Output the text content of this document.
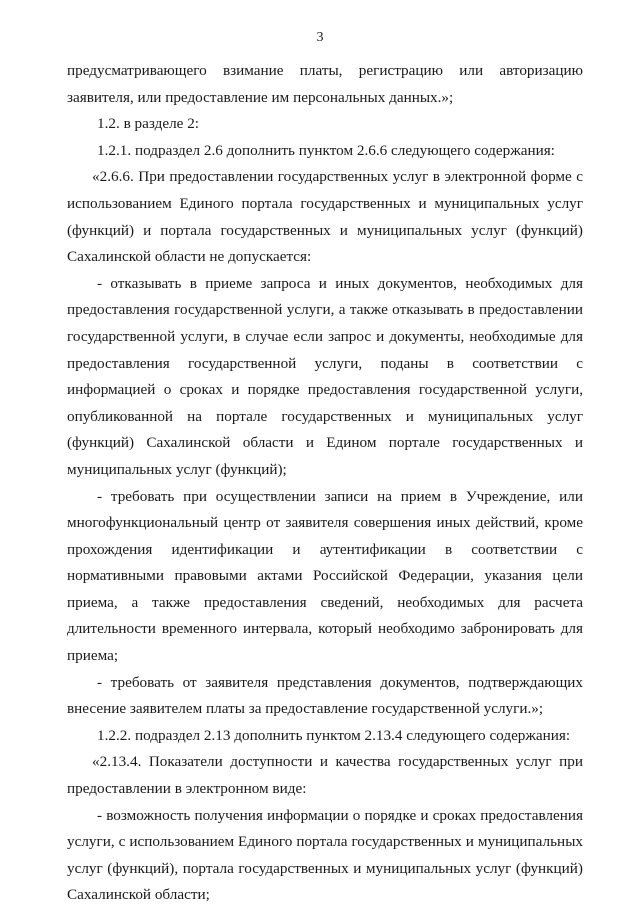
3

предусматривающего взимание платы, регистрацию или авторизацию заявителя, или предоставление им персональных данных.»;

1.2. в разделе 2:

1.2.1. подраздел 2.6 дополнить пунктом 2.6.6 следующего содержания:

«2.6.6. При предоставлении государственных услуг в электронной форме с использованием Единого портала государственных и муниципальных услуг (функций) и портала государственных и муниципальных услуг (функций) Сахалинской области не допускается:

- отказывать в приеме запроса и иных документов, необходимых для предоставления государственной услуги, а также отказывать в предоставлении государственной услуги, в случае если запрос и документы, необходимые для предоставления государственной услуги, поданы в соответствии с информацией о сроках и порядке предоставления государственной услуги, опубликованной на портале государственных и муниципальных услуг (функций) Сахалинской области и Едином портале государственных и муниципальных услуг (функций);

- требовать при осуществлении записи на прием в Учреждение, или многофункциональный центр от заявителя совершения иных действий, кроме прохождения идентификации и аутентификации в соответствии с нормативными правовыми актами Российской Федерации, указания цели приема, а также предоставления сведений, необходимых для расчета длительности временного интервала, который необходимо забронировать для приема;

- требовать от заявителя представления документов, подтверждающих внесение заявителем платы за предоставление государственной услуги.»;

1.2.2. подраздел 2.13 дополнить пунктом 2.13.4 следующего содержания:

«2.13.4. Показатели доступности и качества государственных услуг при предоставлении в электронном виде:

- возможность получения информации о порядке и сроках предоставления услуги, с использованием Единого портала государственных и муниципальных услуг (функций), портала государственных и муниципальных услуг (функций) Сахалинской области;
